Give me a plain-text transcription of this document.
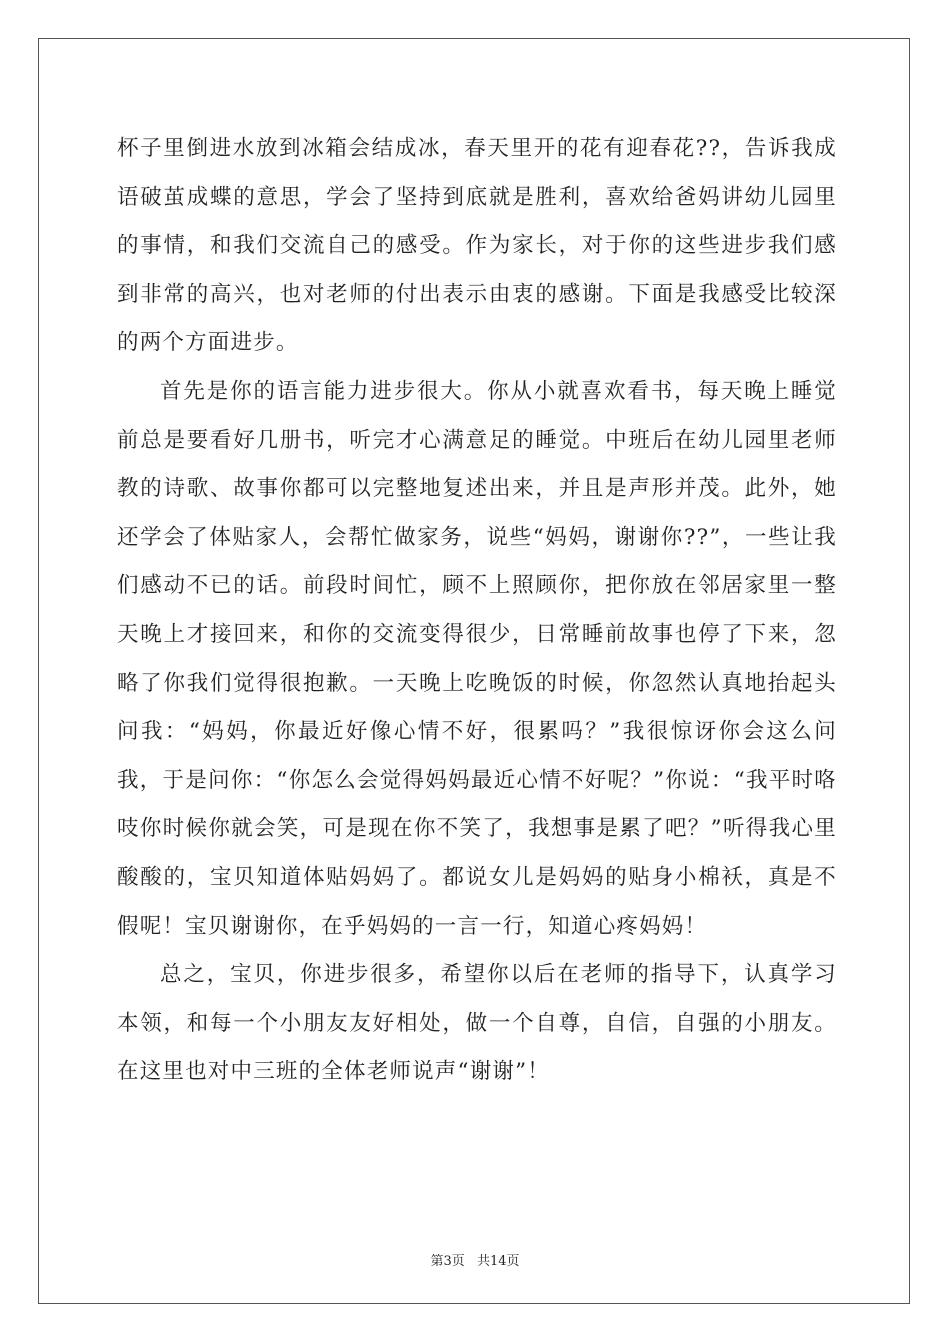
杯子里倒进水放到冰箱会结成冰，春天里开的花有迎春花??，告诉我成语破茧成蝶的意思，学会了坚持到底就是胜利，喜欢给爸妈讲幼儿园里的事情，和我们交流自己的感受。作为家长，对于你的这些进步我们感到非常的高兴，也对老师的付出表示由衷的感谢。下面是我感受比较深的两个方面进步。

首先是你的语言能力进步很大。你从小就喜欢看书，每天晚上睡觉前总是要看好几册书，听完才心满意足的睡觉。中班后在幼儿园里老师教的诗歌、故事你都可以完整地复述出来，并且是声形并茂。此外，她还学会了体贴家人，会帮忙做家务，说些“妈妈，谢谢你??”，一些让我们感动不已的话。前段时间忙，顾不上照顾你，把你放在邻居家里一整天晚上才接回来，和你的交流变得很少，日常睡前故事也停了下来，忽略了你我们觉得很抱歉。一天晚上吃晚饭的时候，你忽然认真地抬起头问我：“妈妈，你最近好像心情不好，很累吗？”我很惊讶你会这么问我，于是问你：“你怎么会觉得妈妈最近心情不好呢？”你说：“我平时咯吱你时候你就会笑，可是现在你不笑了，我想事是累了吧？”听得我心里酸酸的，宝贝知道体贴妈妈了。都说女儿是妈妈的贴身小棉袄，真是不假呢！宝贝谢谢你，在乎妈妈的一言一行，知道心疼妈妈！

总之，宝贝，你进步很多，希望你以后在老师的指导下，认真学习本领，和每一个小朋友友好相处，做一个自尊，自信，自强的小朋友。在这里也对中三班的全体老师说声“谢谢”！

第3页 共14页
